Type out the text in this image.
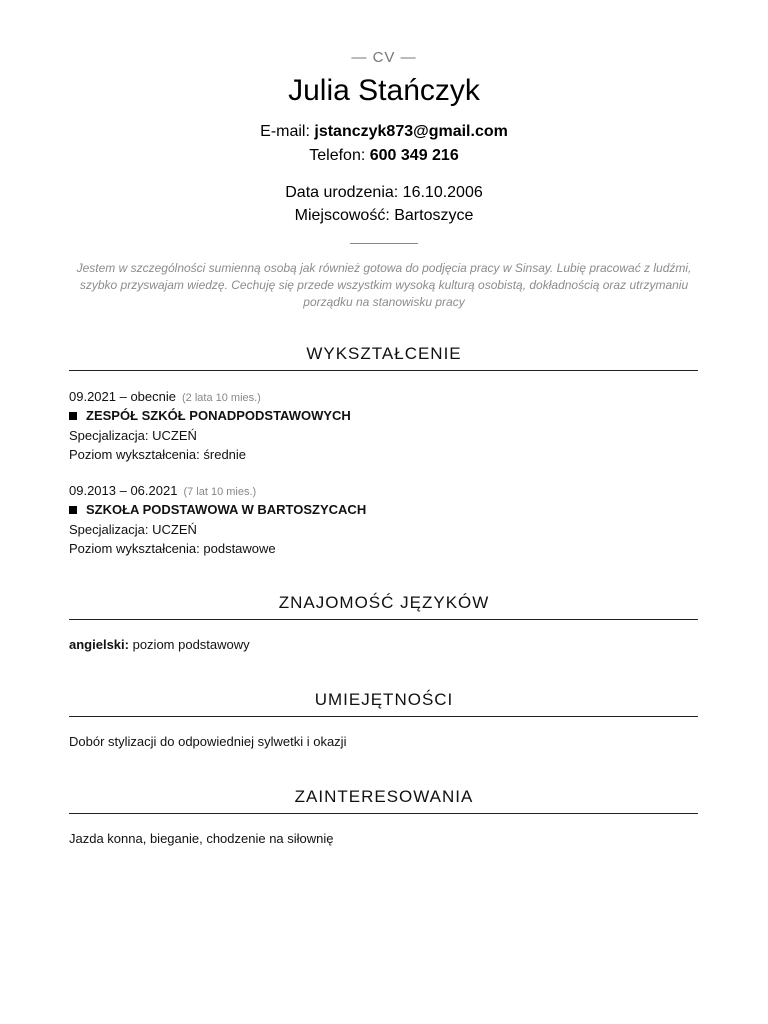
— CV —
Julia Stańczyk
E-mail: jstanczyk873@gmail.com
Telefon: 600 349 216
Data urodzenia: 16.10.2006
Miejscowość: Bartoszyce
Jestem w szczególności sumienną osobą jak również gotowa do podjęcia pracy w Sinsay. Lubię pracować z ludźmi,
szybko przyswajam wiedzę. Cechuję się przede wszystkim wysoką kulturą osobistą, dokładnością oraz utrzymaniu
porządku na stanowisku pracy
WYKSZTAŁCENIE
09.2021 – obecnie (2 lata 10 mies.)
ZESPÓŁ SZKÓŁ PONADPODSTAWOWYCH
Specjalizacja: UCZEŃ
Poziom wykształcenia: średnie
09.2013 – 06.2021 (7 lat 10 mies.)
SZKOŁA PODSTAWOWA W BARTOSZYCACH
Specjalizacja: UCZEŃ
Poziom wykształcenia: podstawowe
ZNAJOMOŚĆ JĘZYKÓW
angielski: poziom podstawowy
UMIEJĘTNOŚCI
Dobór stylizacji do odpowiedniej sylwetki i okazji
ZAINTERESOWANIA
Jazda konna, bieganie, chodzenie na siłownię
